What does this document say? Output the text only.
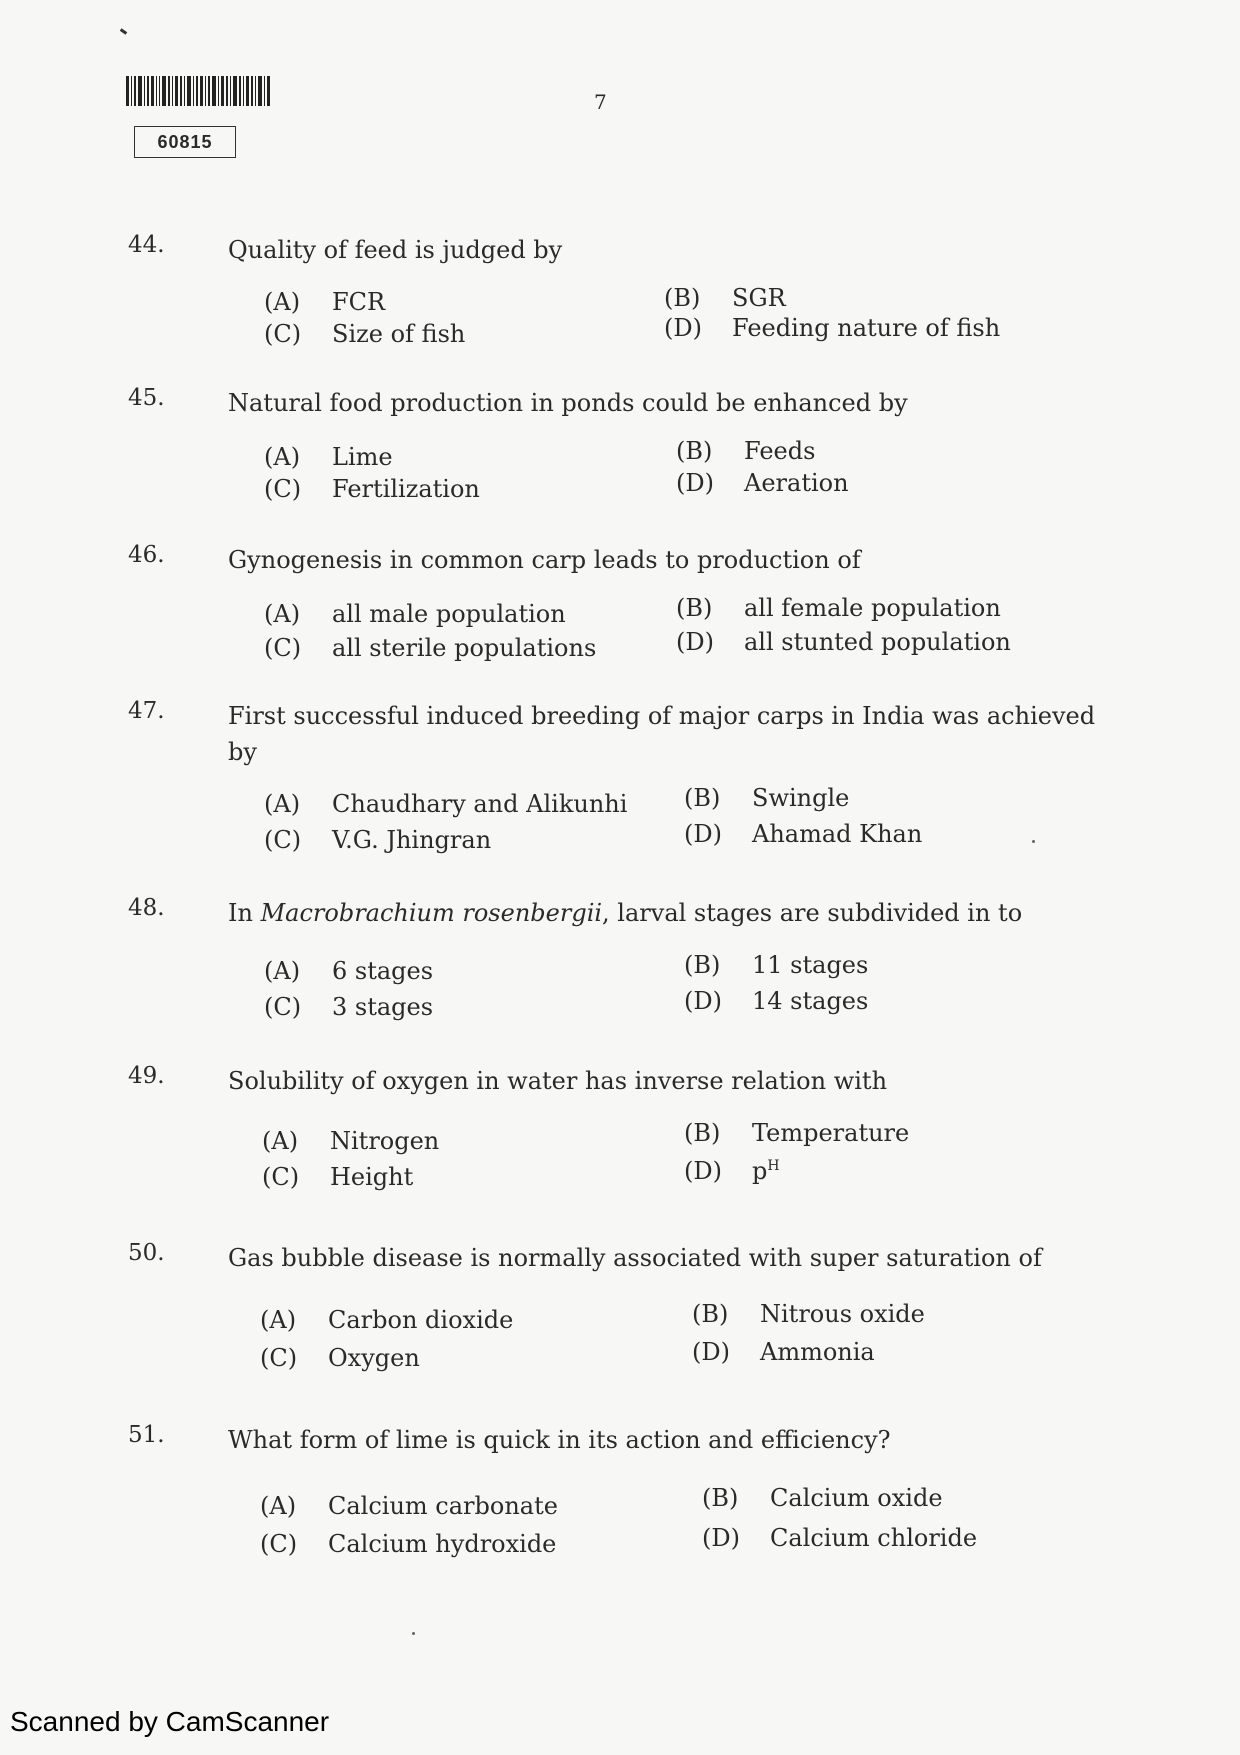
60815
7
44.	Quality of feed is judged by
(A) FCR	(B) SGR
(C) Size of fish	(D) Feeding nature of fish
45.	Natural food production in ponds could be enhanced by
(A) Lime	(B) Feeds
(C) Fertilization	(D) Aeration
46.	Gynogenesis in common carp leads to production of
(A) all male population	(B) all female population
(C) all sterile populations	(D) all stunted population
47.	First successful induced breeding of major carps in India was achieved by
(A) Chaudhary and Alikunhi (B) Swingle
(C) V.G. Jhingran	(D) Ahamad Khan
48.	In Macrobrachium rosenbergii, larval stages are subdivided in to
(A) 6 stages	(B) 11 stages
(C) 3 stages	(D) 14 stages
49.	Solubility of oxygen in water has inverse relation with
(A) Nitrogen	(B) Temperature
(C) Height	(D) $p^H$
50.	Gas bubble disease is normally associated with super saturation of
(A) Carbon dioxide	(B) Nitrous oxide
(C) Oxygen	(D) Ammonia
51.	What form of lime is quick in its action and efficiency?
(A) Calcium carbonate	(B) Calcium oxide
(C) Calcium hydroxide	(D) Calcium chloride
Scanned by CamScanner
